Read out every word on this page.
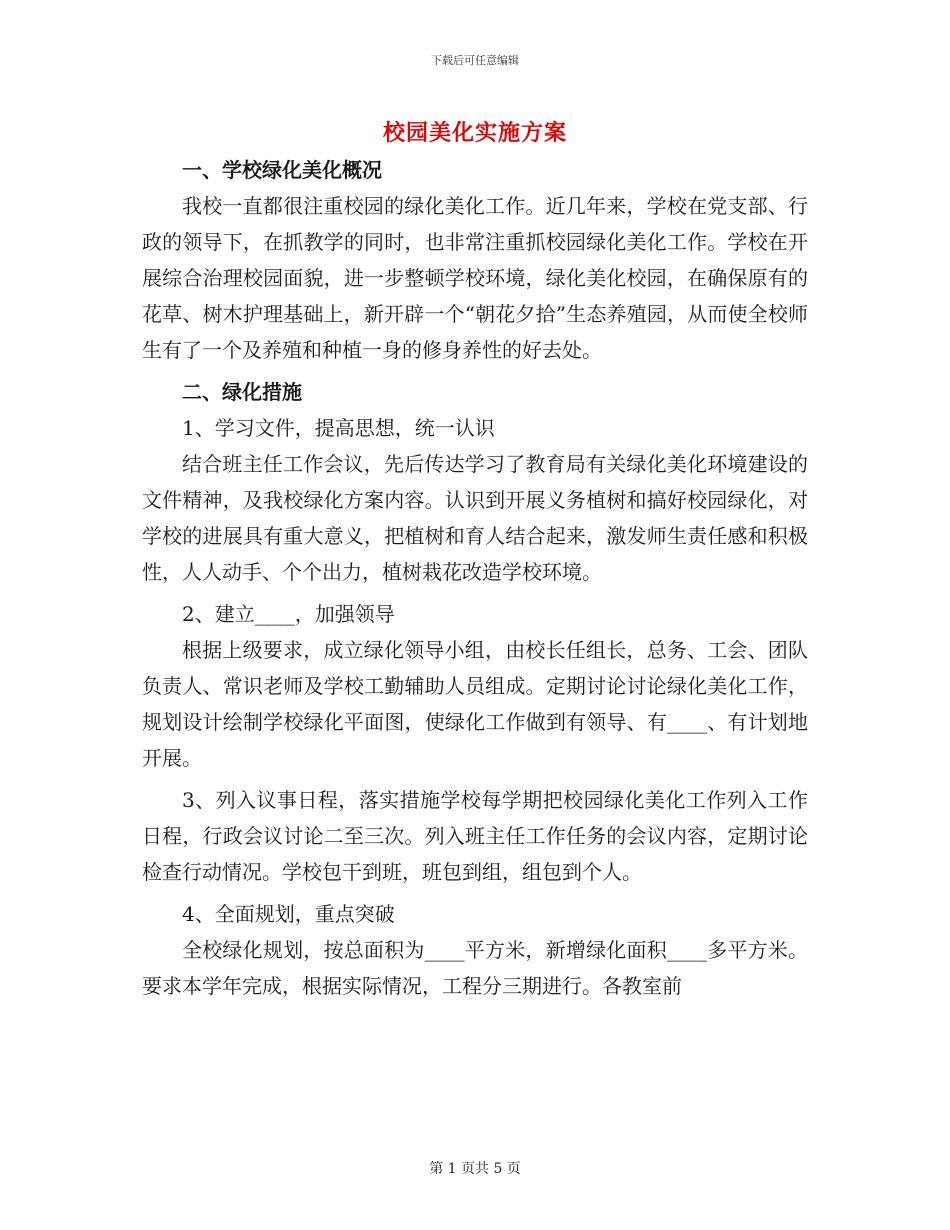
下载后可任意编辑
校园美化实施方案

一、学校绿化美化概况

我校一直都很注重校园的绿化美化工作。近几年来，学校在党支部、行政的领导下，在抓教学的同时，也非常注重抓校园绿化美化工作。学校在开展综合治理校园面貌，进一步整顿学校环境，绿化美化校园，在确保原有的花草、树木护理基础上，新开辟一个“朝花夕拾”生态养殖园，从而使全校师生有了一个及养殖和种植一身的修身养性的好去处。

二、绿化措施

1、学习文件，提高思想，统一认识

结合班主任工作会议，先后传达学习了教育局有关绿化美化环境建设的文件精神，及我校绿化方案内容。认识到开展义务植树和搞好校园绿化，对学校的进展具有重大意义，把植树和育人结合起来，激发师生责任感和积极性，人人动手、个个出力，植树栽花改造学校环境。

2、建立____，加强领导

根据上级要求，成立绿化领导小组，由校长任组长，总务、工会、团队负责人、常识老师及学校工勤辅助人员组成。定期讨论讨论绿化美化工作，规划设计绘制学校绿化平面图，使绿化工作做到有领导、有____、有计划地开展。

3、列入议事日程，落实措施学校每学期把校园绿化美化工作列入工作日程，行政会议讨论二至三次。列入班主任工作任务的会议内容，定期讨论检查行动情况。学校包干到班，班包到组，组包到个人。

4、全面规划，重点突破

全校绿化规划，按总面积为____平方米，新增绿化面积____多平方米。要求本学年完成，根据实际情况，工程分三期进行。各教室前

第 1 页共 5 页
